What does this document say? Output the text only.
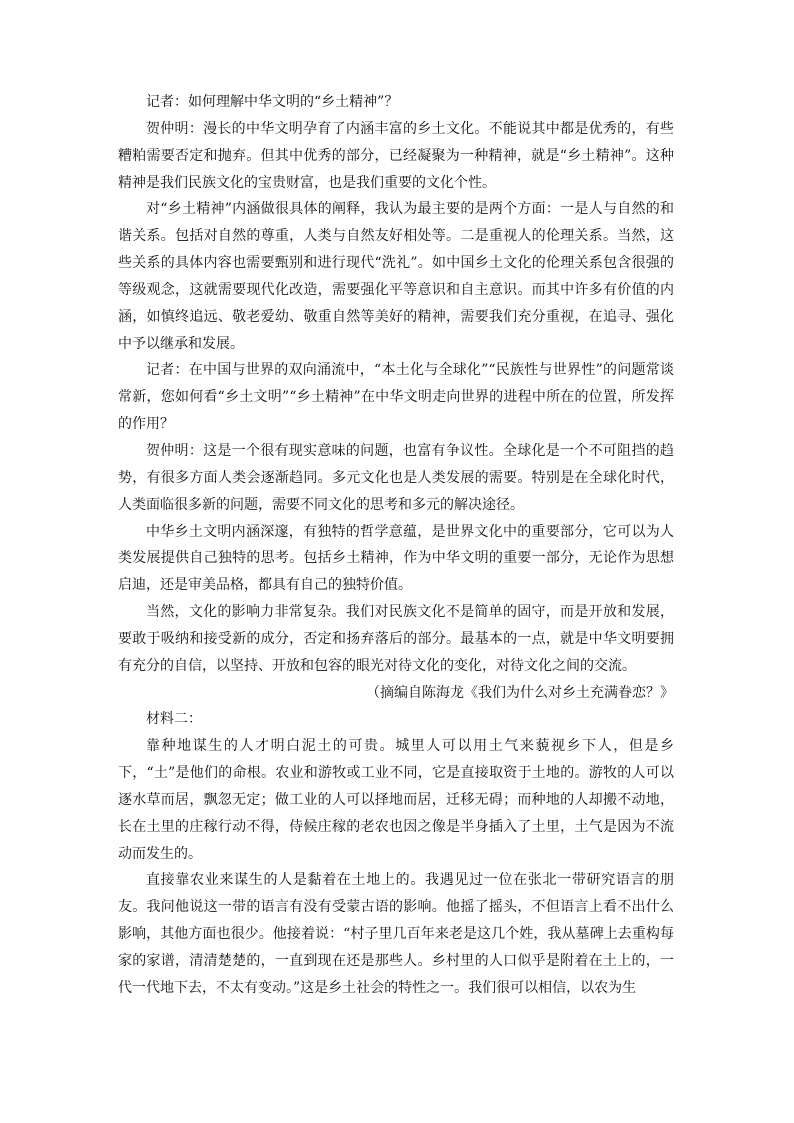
记者：如何理解中华文明的“乡土精神”？

贺仲明：漫长的中华文明孕育了内涵丰富的乡土文化。不能说其中都是优秀的，有些糟粕需要否定和抛弃。但其中优秀的部分，已经凝聚为一种精神，就是“乡土精神”。这种精神是我们民族文化的宝贵财富，也是我们重要的文化个性。

对“乡土精神”内涵做很具体的阐释，我认为最主要的是两个方面：一是人与自然的和谐关系。包括对自然的尊重，人类与自然友好相处等。二是重视人的伦理关系。当然，这些关系的具体内容也需要甄别和进行现代“洗礼”。如中国乡土文化的伦理关系包含很强的等级观念，这就需要现代化改造，需要强化平等意识和自主意识。而其中许多有价值的内涵，如慎终追远、敬老爱幼、敬重自然等美好的精神，需要我们充分重视，在追寻、强化中予以继承和发展。

记者：在中国与世界的双向涌流中，“本土化与全球化”“民族性与世界性”的问题常谈常新，您如何看“乡土文明”“乡土精神”在中华文明走向世界的进程中所在的位置，所发挥的作用？

贺仲明：这是一个很有现实意味的问题，也富有争议性。全球化是一个不可阻挡的趋势，有很多方面人类会逐渐趋同。多元文化也是人类发展的需要。特别是在全球化时代，人类面临很多新的问题，需要不同文化的思考和多元的解决途径。

中华乡土文明内涵深邃，有独特的哲学意蕴，是世界文化中的重要部分，它可以为人类发展提供自己独特的思考。包括乡土精神，作为中华文明的重要一部分，无论作为思想启迪，还是审美品格，都具有自己的独特价值。

当然，文化的影响力非常复杂。我们对民族文化不是简单的固守，而是开放和发展，要敢于吸纳和接受新的成分，否定和扬弃落后的部分。最基本的一点，就是中华文明要拥有充分的自信，以坚持、开放和包容的眼光对待文化的变化，对待文化之间的交流。

（摘编自陈海龙《我们为什么对乡土充满眷恋？》

材料二：

靠种地谋生的人才明白泥土的可贵。城里人可以用土气来藐视乡下人，但是乡下，“土”是他们的命根。农业和游牧或工业不同，它是直接取资于土地的。游牧的人可以逐水草而居，飘忽无定；做工业的人可以择地而居，迁移无碍；而种地的人却搬不动地，长在土里的庄稼行动不得，侍候庄稼的老农也因之像是半身插入了土里，土气是因为不流动而发生的。

直接靠农业来谋生的人是黏着在土地上的。我遇见过一位在张北一带研究语言的朋友。我问他说这一带的语言有没有受蒙古语的影响。他摇了摇头，不但语言上看不出什么影响，其他方面也很少。他接着说：“村子里几百年来老是这几个姓，我从墓碑上去重构每家的家谱，清清楚楚的，一直到现在还是那些人。乡村里的人口似乎是附着在土上的，一代一代地下去，不太有变动。”这是乡土社会的特性之一。我们很可以相信，以农为生
